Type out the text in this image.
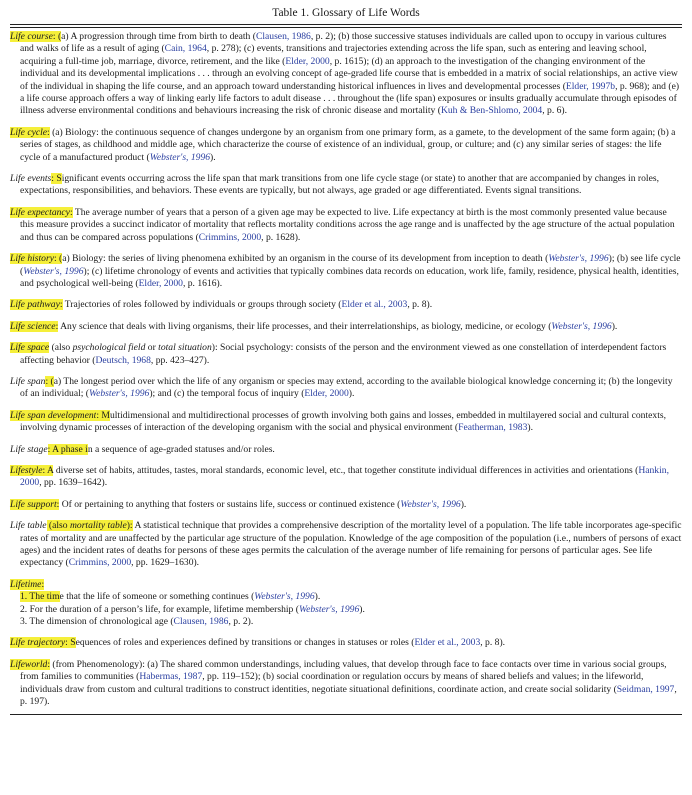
Table 1. Glossary of Life Words

Life course: (a) A progression through time from birth to death (Clausen, 1986, p. 2); (b) those successive statuses individuals are called upon to occupy in various cultures and walks of life as a result of aging (Cain, 1964, p. 278); (c) events, transitions and trajectories extending across the life span, such as entering and leaving school, acquiring a full-time job, marriage, divorce, retirement, and the like (Elder, 2000, p. 1615); (d) an approach to the investigation of the changing environment of the individual and its developmental implications . . . through an evolving concept of age-graded life course that is embedded in a matrix of social relationships, an active view of the individual in shaping the life course, and an approach toward understanding historical influences in lives and developmental processes (Elder, 1997b, p. 968); and (e) a life course approach offers a way of linking early life factors to adult disease . . . throughout the (life span) exposures or insults gradually accumulate through episodes of illness adverse environmental conditions and behaviours increasing the risk of chronic disease and mortality (Kuh & Ben-Shlomo, 2004, p. 6).

Life cycle: (a) Biology: the continuous sequence of changes undergone by an organism from one primary form, as a gamete, to the development of the same form again; (b) a series of stages, as childhood and middle age, which characterize the course of existence of an individual, group, or culture; and (c) any similar series of stages: the life cycle of a manufactured product (Webster's, 1996).

Life events: Significant events occurring across the life span that mark transitions from one life cycle stage (or state) to another that are accompanied by changes in roles, expectations, responsibilities, and behaviors. These events are typically, but not always, age graded or age differentiated. Events signal transitions.

Life expectancy: The average number of years that a person of a given age may be expected to live. Life expectancy at birth is the most commonly presented value because this measure provides a succinct indicator of mortality that reflects mortality conditions across the age range and is unaffected by the age structure of the actual population and thus can be compared across populations (Crimmins, 2000, p. 1628).

Life history: (a) Biology: the series of living phenomena exhibited by an organism in the course of its development from inception to death (Webster's, 1996); (b) see life cycle (Webster's, 1996); (c) lifetime chronology of events and activities that typically combines data records on education, work life, family, residence, physical health, identities, and psychological well-being (Elder, 2000, p. 1616).

Life pathway: Trajectories of roles followed by individuals or groups through society (Elder et al., 2003, p. 8).

Life science: Any science that deals with living organisms, their life processes, and their interrelationships, as biology, medicine, or ecology (Webster's, 1996).

Life space (also psychological field or total situation): Social psychology: consists of the person and the environment viewed as one constellation of interdependent factors affecting behavior (Deutsch, 1968, pp. 423–427).

Life span: (a) The longest period over which the life of any organism or species may extend, according to the available biological knowledge concerning it; (b) the longevity of an individual; (Webster's, 1996); and (c) the temporal focus of inquiry (Elder, 2000).

Life span development: Multidimensional and multidirectional processes of growth involving both gains and losses, embedded in multilayered social and cultural contexts, involving dynamic processes of interaction of the developing organism with the social and physical environment (Featherman, 1983).

Life stage: A phase in a sequence of age-graded statuses and/or roles.

Lifestyle: A diverse set of habits, attitudes, tastes, moral standards, economic level, etc., that together constitute individual differences in activities and orientations (Hankin, 2000, pp. 1639–1642).

Life support: Of or pertaining to anything that fosters or sustains life, success or continued existence (Webster's, 1996).

Life table (also mortality table): A statistical technique that provides a comprehensive description of the mortality level of a population. The life table incorporates age-specific rates of mortality and are unaffected by the particular age structure of the population. Knowledge of the age composition of the population (i.e., numbers of persons of exact ages) and the incident rates of deaths for persons of these ages permits the calculation of the average number of life remaining for persons of particular ages. See life expectancy (Crimmins, 2000, pp. 1629–1630).

Lifetime:

1. The time that the life of someone or something continues (Webster's, 1996).
2. For the duration of a person’s life, for example, lifetime membership (Webster's, 1996).
3. The dimension of chronological age (Clausen, 1986, p. 2).

Life trajectory: Sequences of roles and experiences defined by transitions or changes in statuses or roles (Elder et al., 2003, p. 8).

Lifeworld: (from Phenomenology): (a) The shared common understandings, including values, that develop through face to face contacts over time in various social groups, from families to communities (Habermas, 1987, pp. 119–152); (b) social coordination or regulation occurs by means of shared beliefs and values; in the lifeworld, individuals draw from custom and cultural traditions to construct identities, negotiate situational definitions, coordinate action, and create social solidarity (Seidman, 1997, p. 197).
